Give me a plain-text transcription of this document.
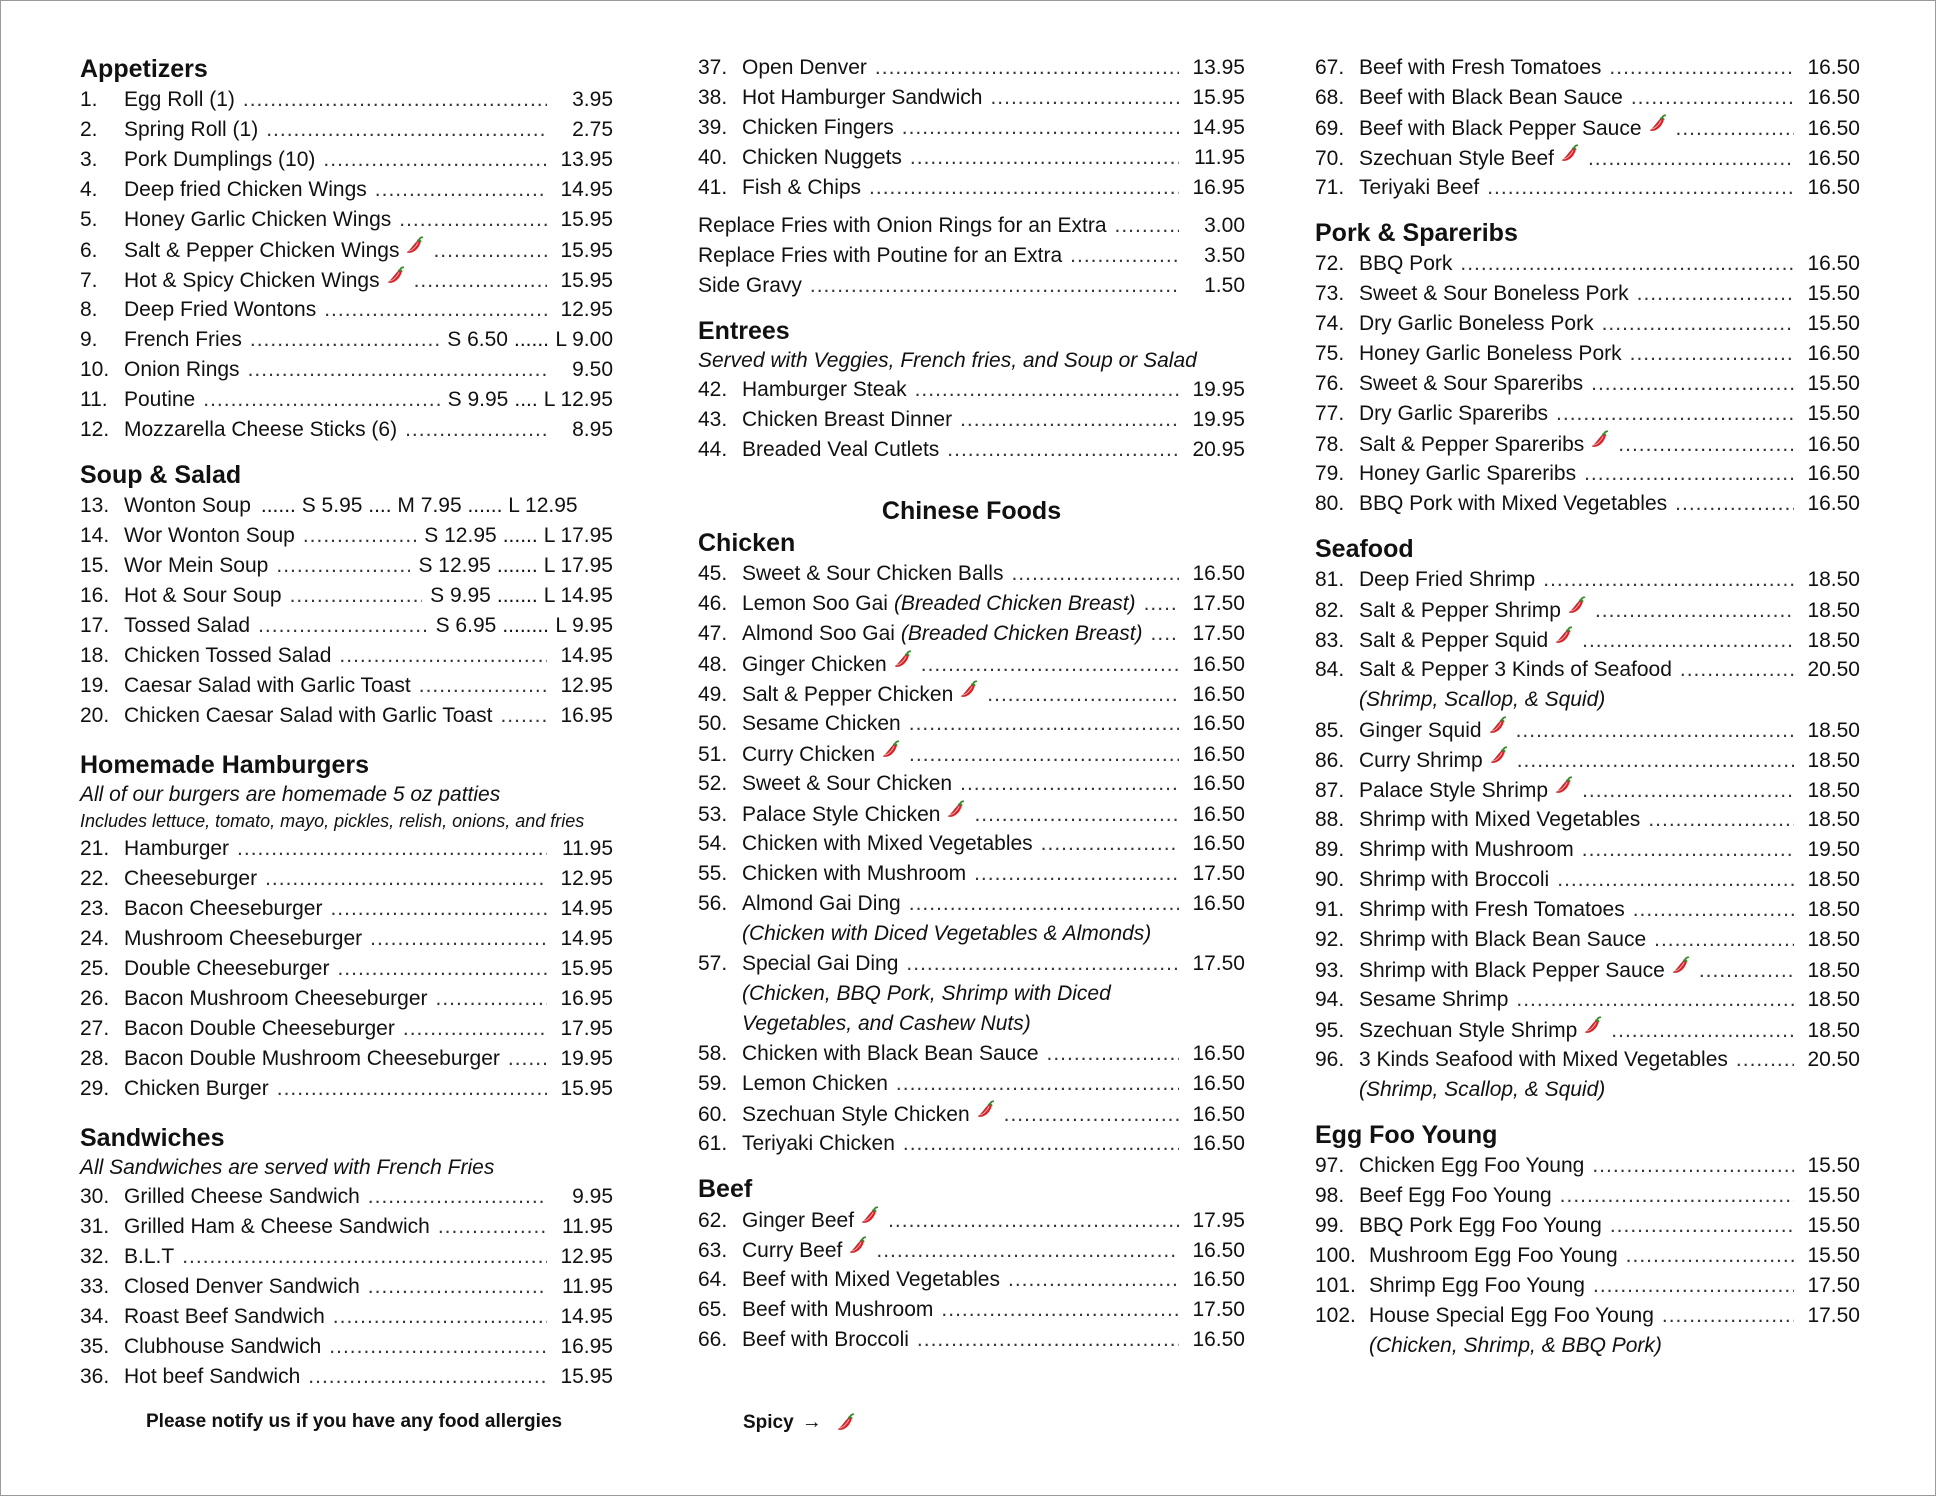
Appetizers
1.	Egg Roll (1) .....	3.95
2.	Spring Roll (1) .....	2.75
3.	Pork Dumplings (10) .....	13.95
4.	Deep fried Chicken Wings .....	14.95
5.	Honey Garlic Chicken Wings .....	15.95
6.	Salt & Pepper Chicken Wings .....	15.95
7.	Hot & Spicy Chicken Wings .....	15.95
8.	Deep Fried Wontons .....	12.95
9.	French Fries .....	S 6.50 ...... L 9.00
10. Onion Rings .....	9.50
11. Poutine .....	S 9.95 .... L 12.95
12. Mozzarella Cheese Sticks (6) .....	8.95
Soup & Salad
13. Wonton Soup ...... S 5.95 .... M 7.95 ...... L 12.95
14. Wor Wonton Soup .....	S 12.95 ...... L 17.95
15. Wor Mein Soup .....	S 12.95 ....... L 17.95
16. Hot & Sour Soup .....	S 9.95 ....... L 14.95
17. Tossed Salad .....	S 6.95 ........ L 9.95
18. Chicken Tossed Salad .....	14.95
19. Caesar Salad with Garlic Toast .....	12.95
20. Chicken Caesar Salad with Garlic Toast .....	16.95
Homemade Hamburgers
All of our burgers are homemade 5 oz patties
Includes lettuce, tomato, mayo, pickles, relish, onions, and fries
21. Hamburger .....	11.95
22. Cheeseburger .....	12.95
23. Bacon Cheeseburger .....	14.95
24. Mushroom Cheeseburger .....	14.95
25. Double Cheeseburger .....	15.95
26. Bacon Mushroom Cheeseburger .....	16.95
27. Bacon Double Cheeseburger .....	17.95
28. Bacon Double Mushroom Cheeseburger .....	19.95
29. Chicken Burger .....	15.95
Sandwiches
All Sandwiches are served with French Fries
30. Grilled Cheese Sandwich .....	9.95
31. Grilled Ham & Cheese Sandwich .....	11.95
32. B.L.T .....	12.95
33. Closed Denver Sandwich .....	11.95
34. Roast Beef Sandwich .....	14.95
35. Clubhouse Sandwich .....	16.95
36. Hot beef Sandwich .....	15.95
Please notify us if you have any food allergies
37. Open Denver .....	13.95
38. Hot Hamburger Sandwich .....	15.95
39. Chicken Fingers .....	14.95
40. Chicken Nuggets .....	11.95
41. Fish & Chips .....	16.95
Replace Fries with Onion Rings for an Extra .....	3.00
Replace Fries with Poutine for an Extra .....	3.50
Side Gravy .....	1.50
Entrees
Served with Veggies, French fries, and Soup or Salad
42. Hamburger Steak .....	19.95
43. Chicken Breast Dinner .....	19.95
44. Breaded Veal Cutlets .....	20.95
Chinese Foods
Chicken
45. Sweet & Sour Chicken Balls .....	16.50
46. Lemon Soo Gai (Breaded Chicken Breast) .....	17.50
47. Almond Soo Gai (Breaded Chicken Breast) ..... 17.50
48. Ginger Chicken .....	16.50
49. Salt & Pepper Chicken .....	16.50
50. Sesame Chicken .....	16.50
51. Curry Chicken .....	16.50
52. Sweet & Sour Chicken .....	16.50
53. Palace Style Chicken .....	16.50
54. Chicken with Mixed Vegetables .....	16.50
55. Chicken with Mushroom .....	17.50
56. Almond Gai Ding .....	16.50
(Chicken with Diced Vegetables & Almonds)
57. Special Gai Ding .....	17.50
(Chicken, BBQ Pork, Shrimp with Diced
Vegetables, and Cashew Nuts)
58. Chicken with Black Bean Sauce .....	16.50
59. Lemon Chicken .....	16.50
60. Szechuan Style Chicken .....	16.50
61. Teriyaki Chicken .....	16.50
Beef
62. Ginger Beef .....	17.95
63. Curry Beef .....	16.50
64. Beef with Mixed Vegetables .....	16.50
65. Beef with Mushroom .....	17.50
66. Beef with Broccoli .....	16.50
Spicy →
67. Beef with Fresh Tomatoes .....	16.50
68. Beef with Black Bean Sauce .....	16.50
69. Beef with Black Pepper Sauce .....	16.50
70. Szechuan Style Beef .....	16.50
71. Teriyaki Beef .....	16.50
Pork & Spareribs
72. BBQ Pork .....	16.50
73. Sweet & Sour Boneless Pork .....	15.50
74. Dry Garlic Boneless Pork .....	15.50
75. Honey Garlic Boneless Pork .....	16.50
76. Sweet & Sour Spareribs .....	15.50
77. Dry Garlic Spareribs .....	15.50
78. Salt & Pepper Spareribs .....	16.50
79. Honey Garlic Spareribs .....	16.50
80. BBQ Pork with Mixed Vegetables .....	16.50
Seafood
81. Deep Fried Shrimp .....	18.50
82. Salt & Pepper Shrimp .....	18.50
83. Salt & Pepper Squid .....	18.50
84. Salt & Pepper 3 Kinds of Seafood .....	20.50
(Shrimp, Scallop, & Squid)
85. Ginger Squid .....	18.50
86. Curry Shrimp .....	18.50
87. Palace Style Shrimp .....	18.50
88. Shrimp with Mixed Vegetables .....	18.50
89. Shrimp with Mushroom .....	19.50
90. Shrimp with Broccoli .....	18.50
91. Shrimp with Fresh Tomatoes .....	18.50
92. Shrimp with Black Bean Sauce .....	18.50
93. Shrimp with Black Pepper Sauce .....	18.50
94. Sesame Shrimp .....	18.50
95. Szechuan Style Shrimp .....	18.50
96. 3 Kinds Seafood with Mixed Vegetables .....	20.50
(Shrimp, Scallop, & Squid)
Egg Foo Young
97. Chicken Egg Foo Young .....	15.50
98. Beef Egg Foo Young .....	15.50
99. BBQ Pork Egg Foo Young .....	15.50
100. Mushroom Egg Foo Young .....	15.50
101. Shrimp Egg Foo Young .....	17.50
102. House Special Egg Foo Young .....	17.50
(Chicken, Shrimp, & BBQ Pork)
